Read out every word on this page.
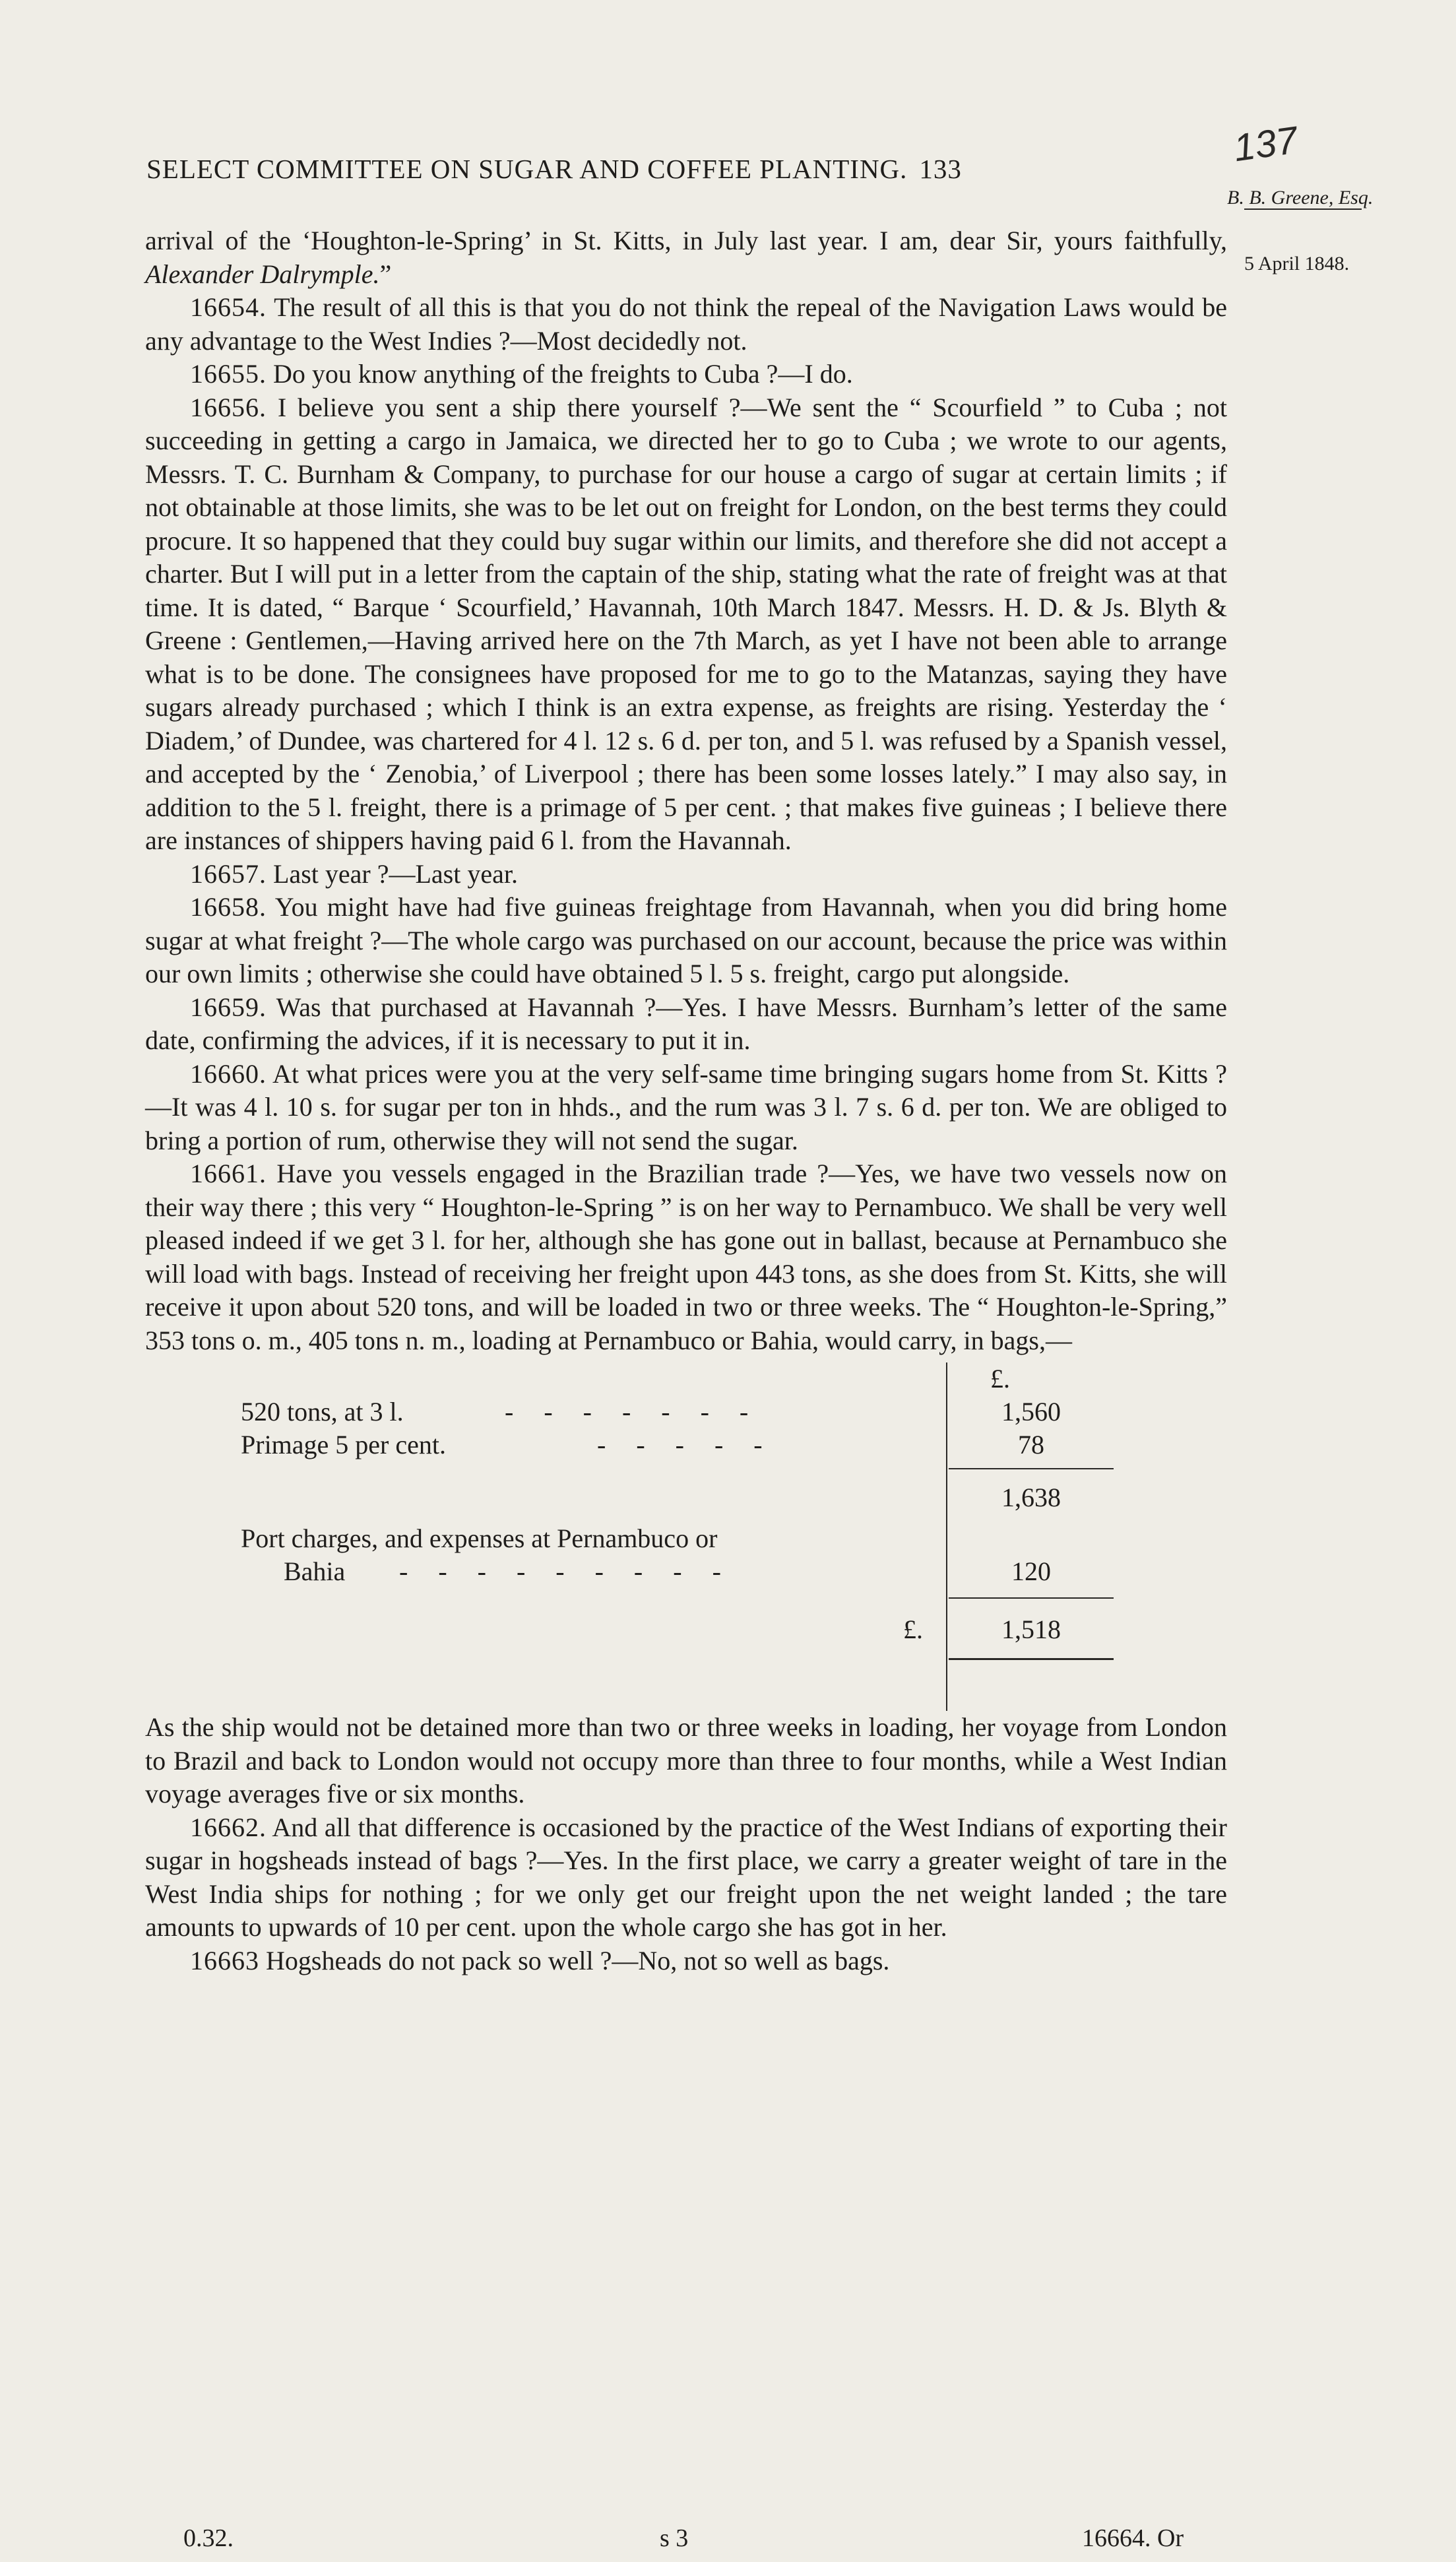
SELECT COMMITTEE ON SUGAR AND COFFEE PLANTING. 133	137
B. B. Greene, Esq.
5 April 1848.

arrival of the ‘Houghton-le-Spring’ in St. Kitts, in July last year. I am, dear Sir, yours faithfully, Alexander Dalrymple.”

16654. The result of all this is that you do not think the repeal of the Navigation Laws would be any advantage to the West Indies ?—Most decidedly not.

16655. Do you know anything of the freights to Cuba ?—I do.

16656. I believe you sent a ship there yourself ?—We sent the “ Scourfield ” to Cuba ; not succeeding in getting a cargo in Jamaica, we directed her to go to Cuba ; we wrote to our agents, Messrs. T. C. Burnham & Company, to purchase for our house a cargo of sugar at certain limits ; if not obtainable at those limits, she was to be let out on freight for London, on the best terms they could procure. It so happened that they could buy sugar within our limits, and therefore she did not accept a charter. But I will put in a letter from the captain of the ship, stating what the rate of freight was at that time. It is dated, “ Barque ‘ Scourfield,’ Havannah, 10th March 1847. Messrs. H. D. & Js. Blyth & Greene : Gentlemen,—Having arrived here on the 7th March, as yet I have not been able to arrange what is to be done. The consignees have proposed for me to go to the Matanzas, saying they have sugars already purchased ; which I think is an extra expense, as freights are rising. Yesterday the ‘ Diadem,’ of Dundee, was chartered for 4 l. 12 s. 6 d. per ton, and 5 l. was refused by a Spanish vessel, and accepted by the ‘ Zenobia,’ of Liverpool ; there has been some losses lately.” I may also say, in addition to the 5 l. freight, there is a primage of 5 per cent. ; that makes five guineas ; I believe there are instances of shippers having paid 6 l. from the Havannah.

16657. Last year ?—Last year.

16658. You might have had five guineas freightage from Havannah, when you did bring home sugar at what freight ?—The whole cargo was purchased on our account, because the price was within our own limits ; otherwise she could have obtained 5 l. 5 s. freight, cargo put alongside.

16659. Was that purchased at Havannah ?—Yes. I have Messrs. Burnham’s letter of the same date, confirming the advices, if it is necessary to put it in.

16660. At what prices were you at the very self-same time bringing sugars home from St. Kitts ?—It was 4 l. 10 s. for sugar per ton in hhds., and the rum was 3 l. 7 s. 6 d. per ton. We are obliged to bring a portion of rum, otherwise they will not send the sugar.

16661. Have you vessels engaged in the Brazilian trade ?—Yes, we have two vessels now on their way there ; this very “ Houghton-le-Spring ” is on her way to Pernambuco. We shall be very well pleased indeed if we get 3 l. for her, although she has gone out in ballast, because at Pernambuco she will load with bags. Instead of receiving her freight upon 443 tons, as she does from St. Kitts, she will receive it upon about 520 tons, and will be loaded in two or three weeks. The “ Houghton-le-Spring,” 353 tons o. m., 405 tons n. m., loading at Pernambuco or Bahia, would carry, in bags,—

£.
520 tons, at 3 l.	-   -   -   -   -   -   -	1,560
Primage 5 per cent.	-   -   -   -   -	78
1,638
Port charges, and expenses at Pernambuco or
Bahia -   -   -   -   -   -   -   -   -	120
£.	1,518

As the ship would not be detained more than two or three weeks in loading, her voyage from London to Brazil and back to London would not occupy more than three to four months, while a West Indian voyage averages five or six months.

16662. And all that difference is occasioned by the practice of the West Indians of exporting their sugar in hogsheads instead of bags ?—Yes. In the first place, we carry a greater weight of tare in the West India ships for nothing ; for we only get our freight upon the net weight landed ; the tare amounts to upwards of 10 per cent. upon the whole cargo she has got in her.

16663 Hogsheads do not pack so well ?—No, not so well as bags.

0.32.	s 3	16664. Or
